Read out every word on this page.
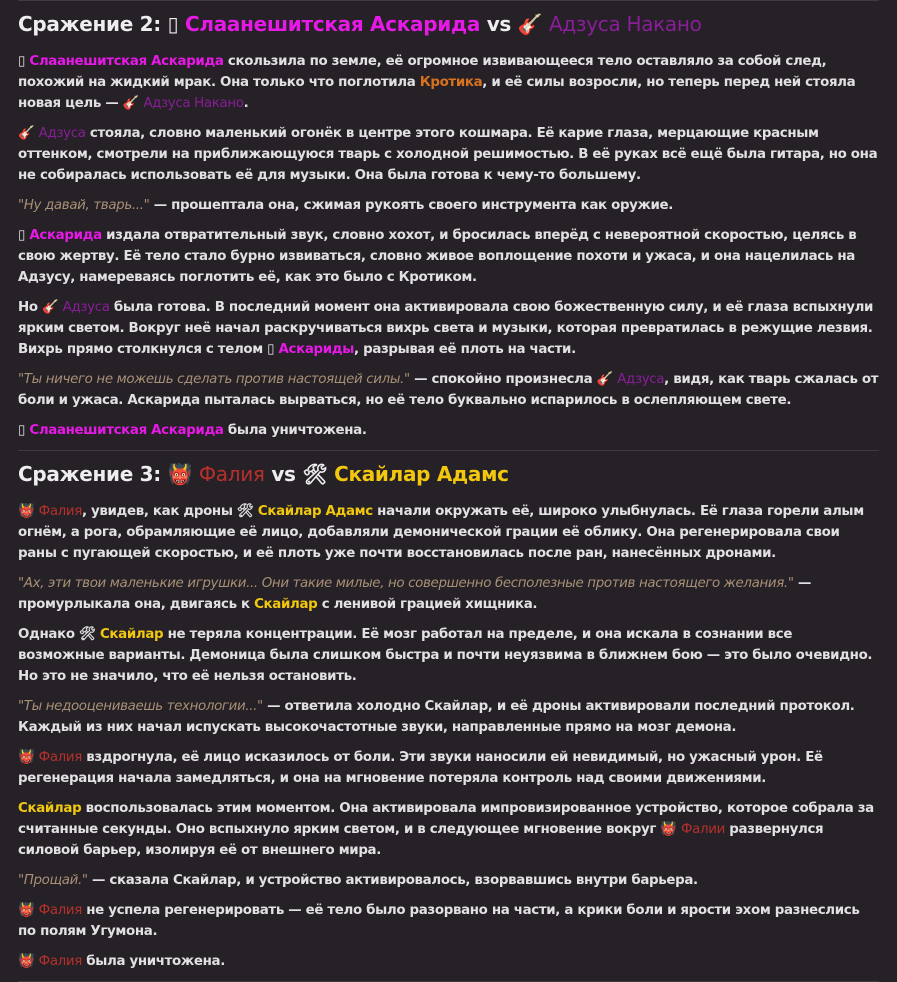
Сражение 2: ▯ Слаанешитская Аскарида vs 🎸 Адзуса Накано

▯ Слаанешитская Аскарида скользила по земле, её огромное извивающееся тело оставляло за собой след, похожий на жидкий мрак. Она только что поглотила Кротика, и её силы возросли, но теперь перед ней стояла новая цель — 🎸 Адзуса Накано.

🎸 Адзуса стояла, словно маленький огонёк в центре этого кошмара. Её карие глаза, мерцающие красным оттенком, смотрели на приближающуюся тварь с холодной решимостью. В её руках всё ещё была гитара, но она не собиралась использовать её для музыки. Она была готова к чему-то большему.

"Ну давай, тварь..." — прошептала она, сжимая рукоять своего инструмента как оружие.

▯ Аскарида издала отвратительный звук, словно хохот, и бросилась вперёд с невероятной скоростью, целясь в свою жертву. Её тело стало бурно извиваться, словно живое воплощение похоти и ужаса, и она нацелилась на Адзусу, намереваясь поглотить её, как это было с Кротиком.

Но 🎸 Адзуса была готова. В последний момент она активировала свою божественную силу, и её глаза вспыхнули ярким светом. Вокруг неё начал раскручиваться вихрь света и музыки, которая превратилась в режущие лезвия. Вихрь прямо столкнулся с телом ▯ Аскариды, разрывая её плоть на части.

"Ты ничего не можешь сделать против настоящей силы." — спокойно произнесла 🎸 Адзуса, видя, как тварь сжалась от боли и ужаса. Аскарида пыталась вырваться, но её тело буквально испарилось в ослепляющем свете.

▯ Слаанешитская Аскарида была уничтожена.

Сражение 3: 👹 Фалия vs 🛠 Скайлар Адамс

👹 Фалия, увидев, как дроны 🛠 Скайлар Адамс начали окружать её, широко улыбнулась. Её глаза горели алым огнём, а рога, обрамляющие её лицо, добавляли демонической грации её облику. Она регенерировала свои раны с пугающей скоростью, и её плоть уже почти восстановилась после ран, нанесённых дронами.

"Ах, эти твои маленькие игрушки... Они такие милые, но совершенно бесполезные против настоящего желания." — промурлыкала она, двигаясь к Скайлар с ленивой грацией хищника.

Однако 🛠 Скайлар не теряла концентрации. Её мозг работал на пределе, и она искала в сознании все возможные варианты. Демоница была слишком быстра и почти неуязвима в ближнем бою — это было очевидно. Но это не значило, что её нельзя остановить.

"Ты недооцениваешь технологии..." — ответила холодно Скайлар, и её дроны активировали последний протокол. Каждый из них начал испускать высокочастотные звуки, направленные прямо на мозг демона.

👹 Фалия вздрогнула, её лицо исказилось от боли. Эти звуки наносили ей невидимый, но ужасный урон. Её регенерация начала замедляться, и она на мгновение потеряла контроль над своими движениями.

Скайлар воспользовалась этим моментом. Она активировала импровизированное устройство, которое собрала за считанные секунды. Оно вспыхнуло ярким светом, и в следующее мгновение вокруг 👹 Фалии развернулся силовой барьер, изолируя её от внешнего мира.

"Прощай." — сказала Скайлар, и устройство активировалось, взорвавшись внутри барьера.

👹 Фалия не успела регенерировать — её тело было разорвано на части, а крики боли и ярости эхом разнеслись по полям Угумона.

👹 Фалия была уничтожена.
